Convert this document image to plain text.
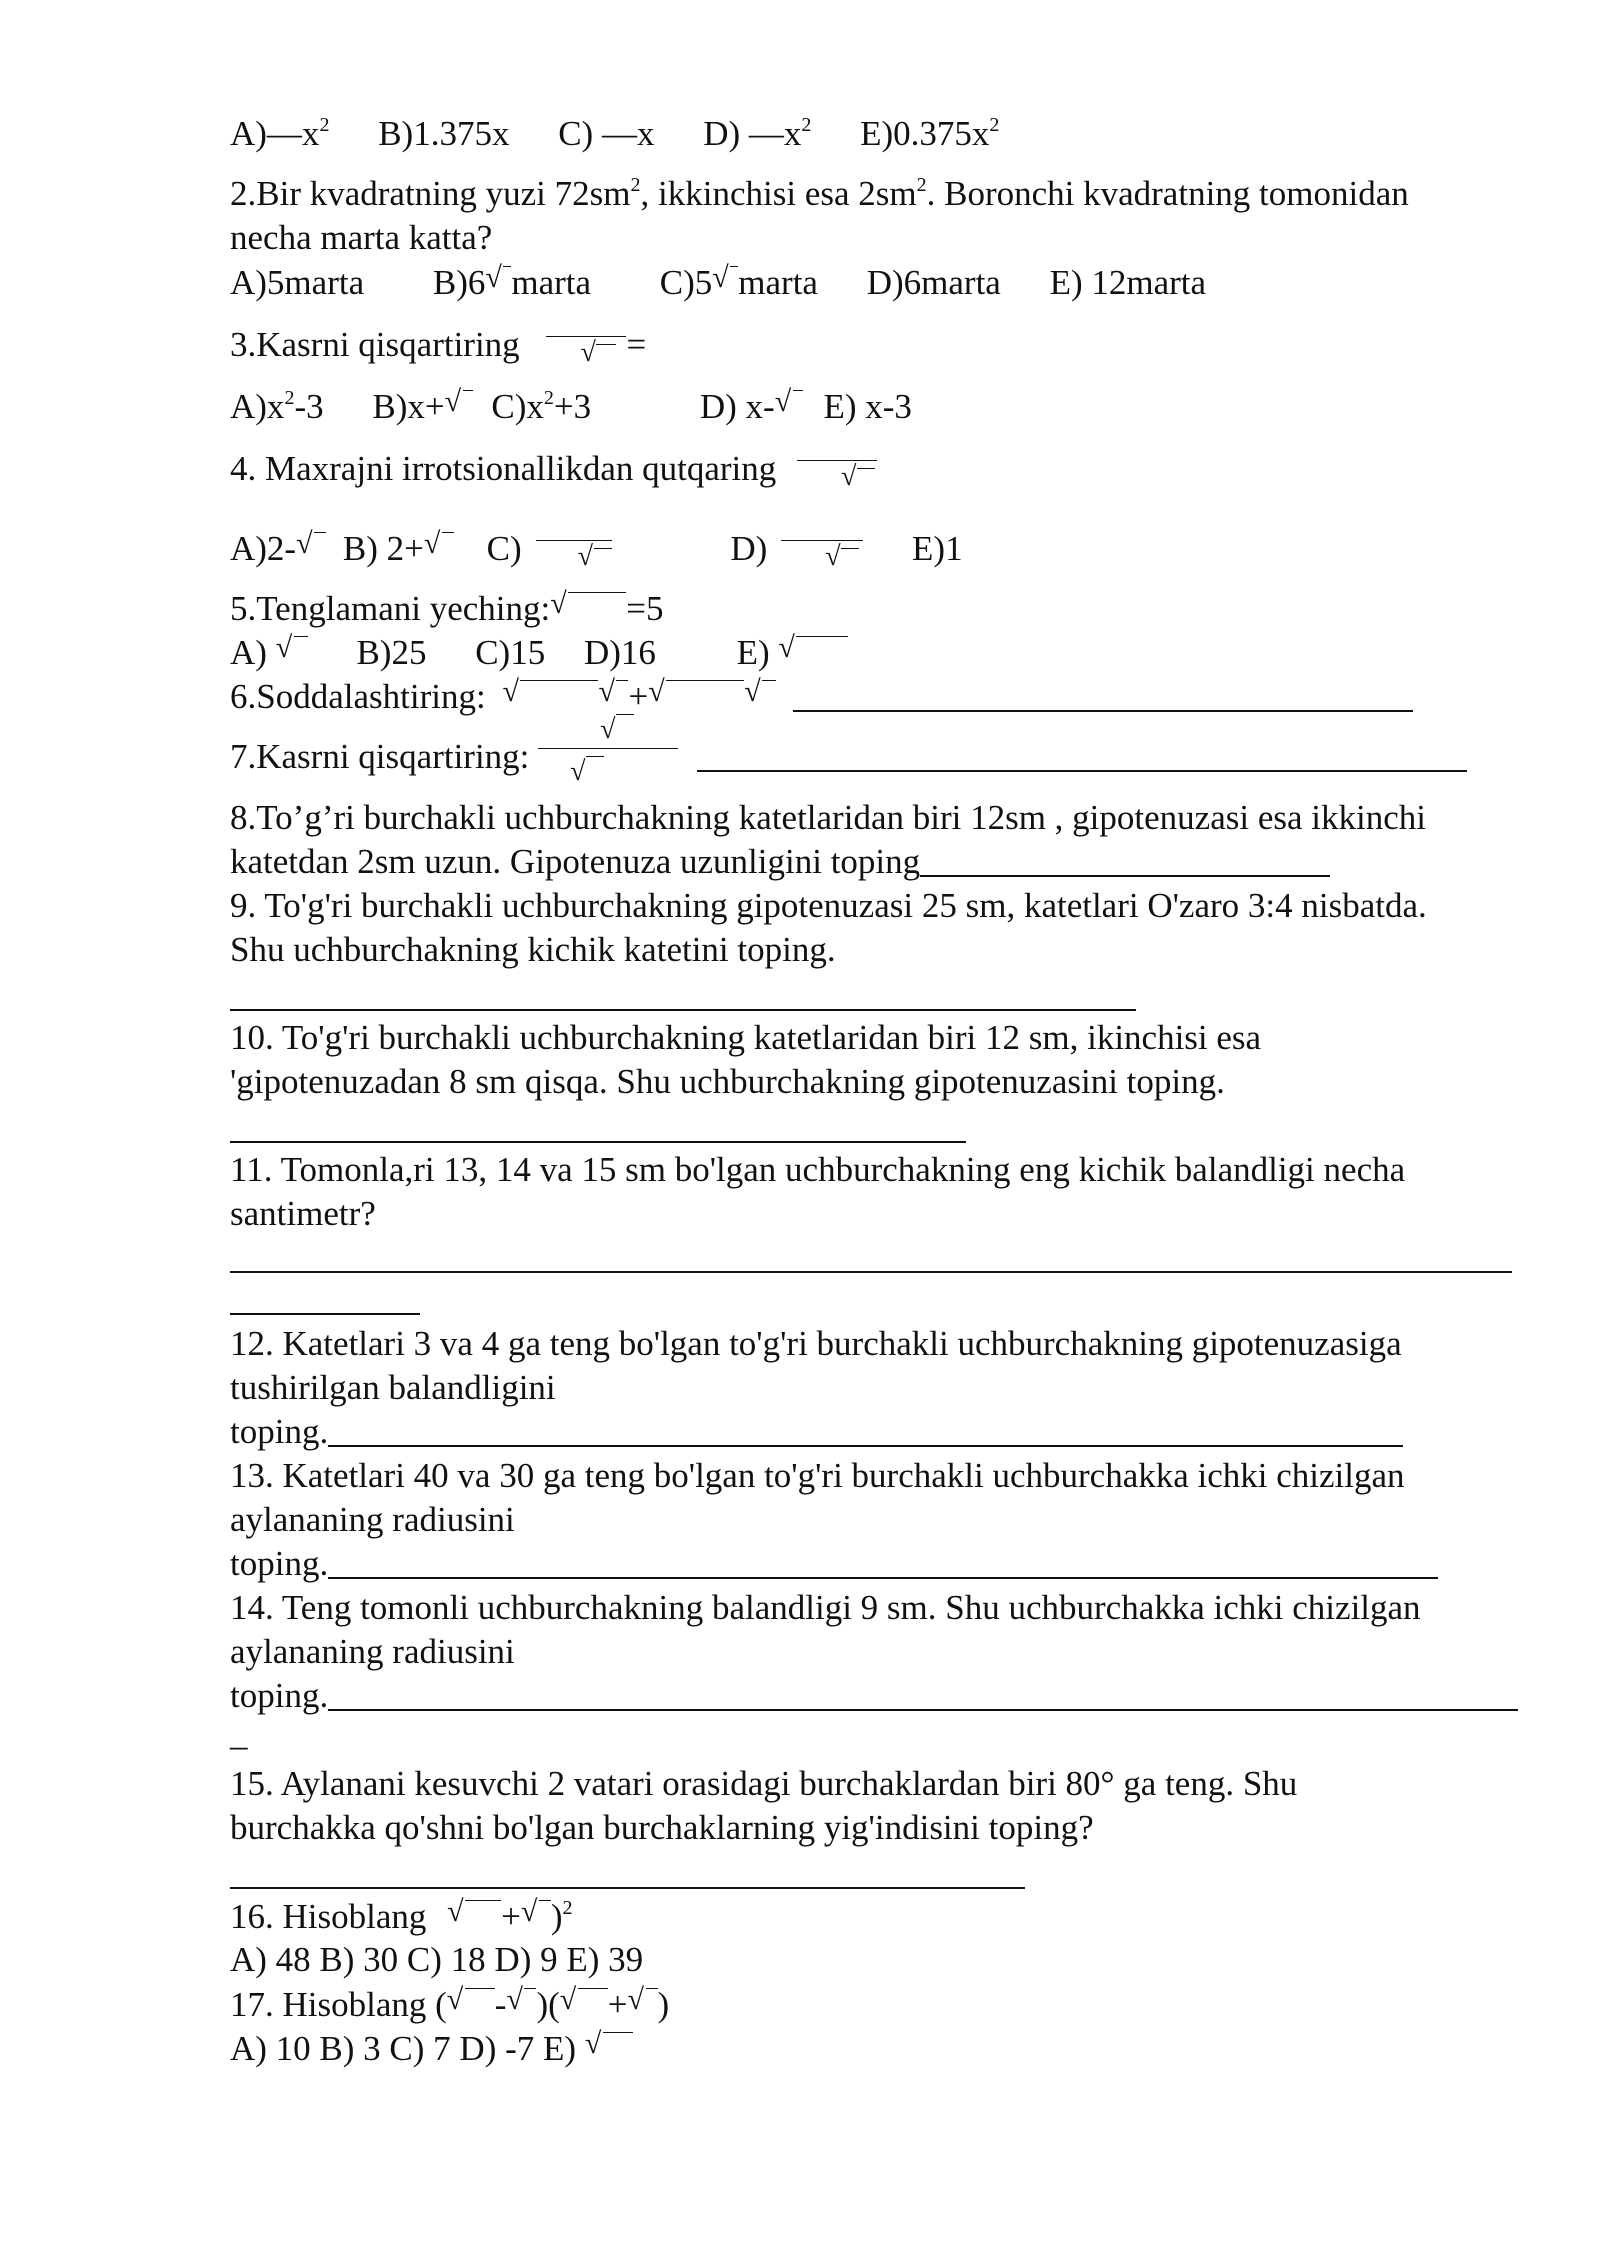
$A)—x^2$ B)1.375x C) —x D) $—x^2$ $E)0.375x^2$
2.Bir kvadratning yuzi $72sm^2$, ikkinchisi esa $2sm^2$. Boronchi kvadratning tomonidan
necha marta katta?
A)5marta B)6 √ marta C)5 √ marta D)6marta E) 12marta
3.Kasrni qisqartiring √ =
$A)x^2-3$ B)x+ √ $C)x^2+3$	D) x- √ E) x-3
4. Maxrajni irrotsionallikdan qutqaring √
A)2- √ B) 2+ √ C) √	D) √ E)1
5.Tenglamani yeching: √ =5
A) √ B)25 C)15 D)16 E) √
6.Soddalashtiring: √	√ + √	√

7.Kasrni qisqartiring:
√
√

8.To’g’ri burchakli uchburchakning katetlaridan biri 12sm , gipotenuzasi esa ikkinchi
katetdan 2sm uzun. Gipotenuza uzunligini toping
9. To'g'ri burchakli uchburchakning gipotenuzasi 25 sm, katetlari O'zaro 3:4 nisbatda.
Shu uchburchakning kichik katetini toping.
10. To'g'ri burchakli uchburchakning katetlaridan biri 12 sm, ikinchisi esa
'gipotenuzadan 8 sm qisqa. Shu uchburchakning gipotenuzasini toping.
11. Tomonla,ri 13, 14 va 15 sm bo'lgan uchburchakning eng kichik balandligi necha
santimetr?
12. Katetlari 3 va 4 ga teng bo'lgan to'g'ri burchakli uchburchakning gipotenuzasiga
tushirilgan balandligini
toping.
13. Katetlari 40 va 30 ga teng bo'lgan to'g'ri burchakli uchburchakka ichki chizilgan
aylananing radiusini
toping.
14. Teng tomonli uchburchakning balandligi 9 sm. Shu uchburchakka ichki chizilgan
aylananing radiusini
toping.
_
15. Aylanani kesuvchi 2 vatari orasidagi burchaklardan biri 80° ga teng. Shu
burchakka qo'shni bo'lgan burchaklarning yig'indisini toping?
16. Hisoblang √ + √ )$^2$
A) 48 B) 30 C) 18 D) 9 E) 39
17. Hisoblang ( √ - √ )( √ + √ )
A) 10 B) 3 C) 7 D) -7 E) √
